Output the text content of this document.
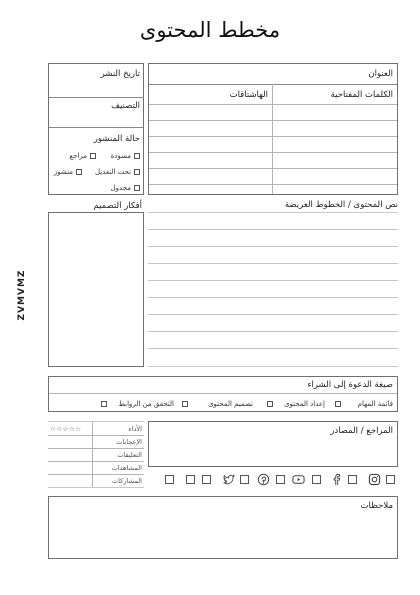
مخطط المحتوى
ZVMVMZ
تاريخ النشر
التصنيف
حالة المنشور
مسودة
مراجع
تحت التعديل
منشور
مجدول
العنوان
الكلمات المفتاحية
الهاشتاقات
أفكار التصميم	نص المحتوى / الخطوط العريضة
صيغة الدعوة إلى الشراء
قائمة المهام
إعداد المحتوى
تصميم المحتوى
التحقق من الروابط
الأداء
☆☆☆☆☆
الإعجابات
التعليقات
المشاهدات
المشاركات
المراجع / المصادر
ملاحظات
